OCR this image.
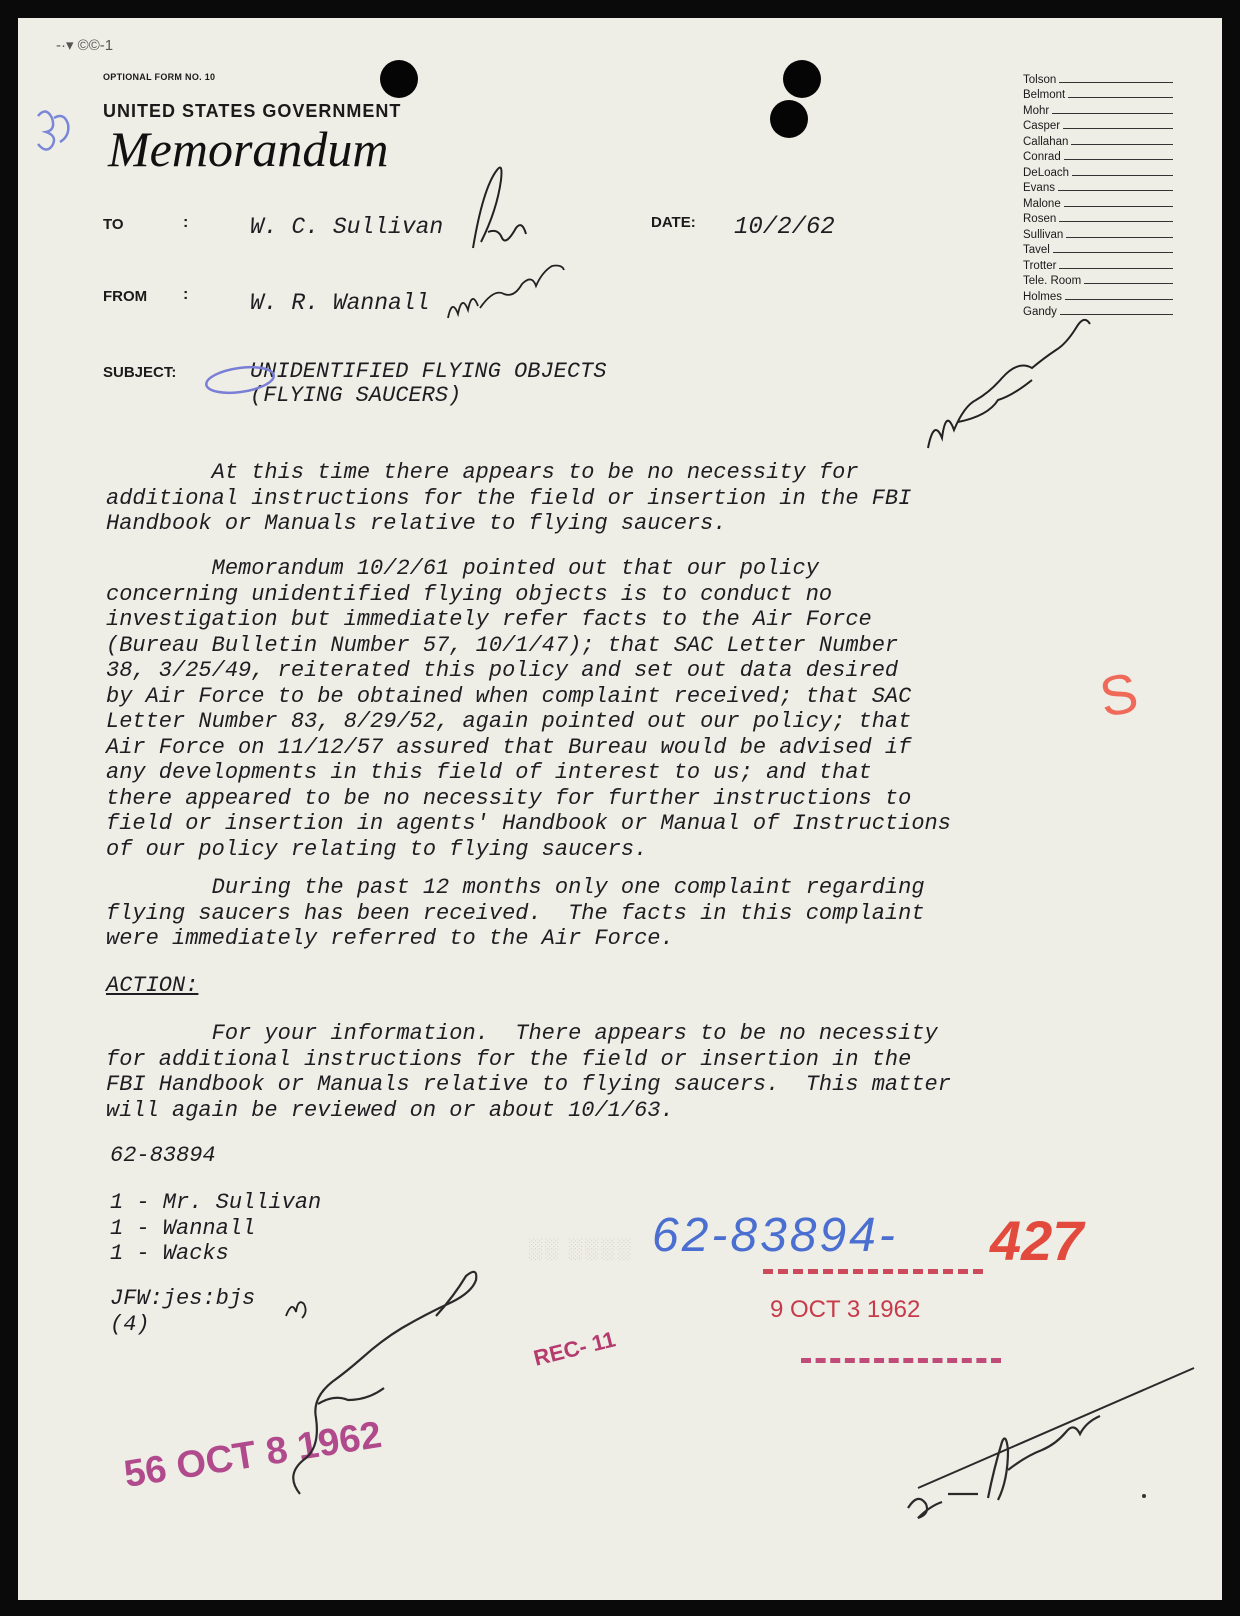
-·▾ ©©-1
OPTIONAL FORM NO. 10
UNITED STATES GOVERNMENT
Memorandum
Tolson
Belmont
Mohr
Casper
Callahan
Conrad
DeLoach
Evans
Malone
Rosen
Sullivan
Tavel
Trotter
Tele. Room
Holmes
Gandy
TO	:	W. C. Sullivan	DATE: 10/2/62
FROM :	W. R. Wannall
SUBJECT:	UNIDENTIFIED FLYING OBJECTS
(FLYING SAUCERS)
At this time there appears to be no necessity for
additional instructions for the field or insertion in the FBI
Handbook or Manuals relative to flying saucers.
Memorandum 10/2/61 pointed out that our policy
concerning unidentified flying objects is to conduct no
investigation but immediately refer facts to the Air Force
(Bureau Bulletin Number 57, 10/1/47); that SAC Letter Number
38, 3/25/49, reiterated this policy and set out data desired
by Air Force to be obtained when complaint received; that SAC
Letter Number 83, 8/29/52, again pointed out our policy; that
Air Force on 11/12/57 assured that Bureau would be advised if
any developments in this field of interest to us; and that
there appeared to be no necessity for further instructions to
field or insertion in agents' Handbook or Manual of Instructions
of our policy relating to flying saucers.
During the past 12 months only one complaint regarding
flying saucers has been received.  The facts in this complaint
were immediately referred to the Air Force.
ACTION:
For your information.  There appears to be no necessity
for additional instructions for the field or insertion in the
FBI Handbook or Manuals relative to flying saucers.  This matter
will again be reviewed on or about 10/1/63.
62-83894
1 - Mr. Sullivan
1 - Wannall
1 - Wacks
JFW:jes:bjs
(4)
62-83894- 427
9 OCT 3 1962
REC- 11
56 OCT 8 1962
S
░░ ░░░░
